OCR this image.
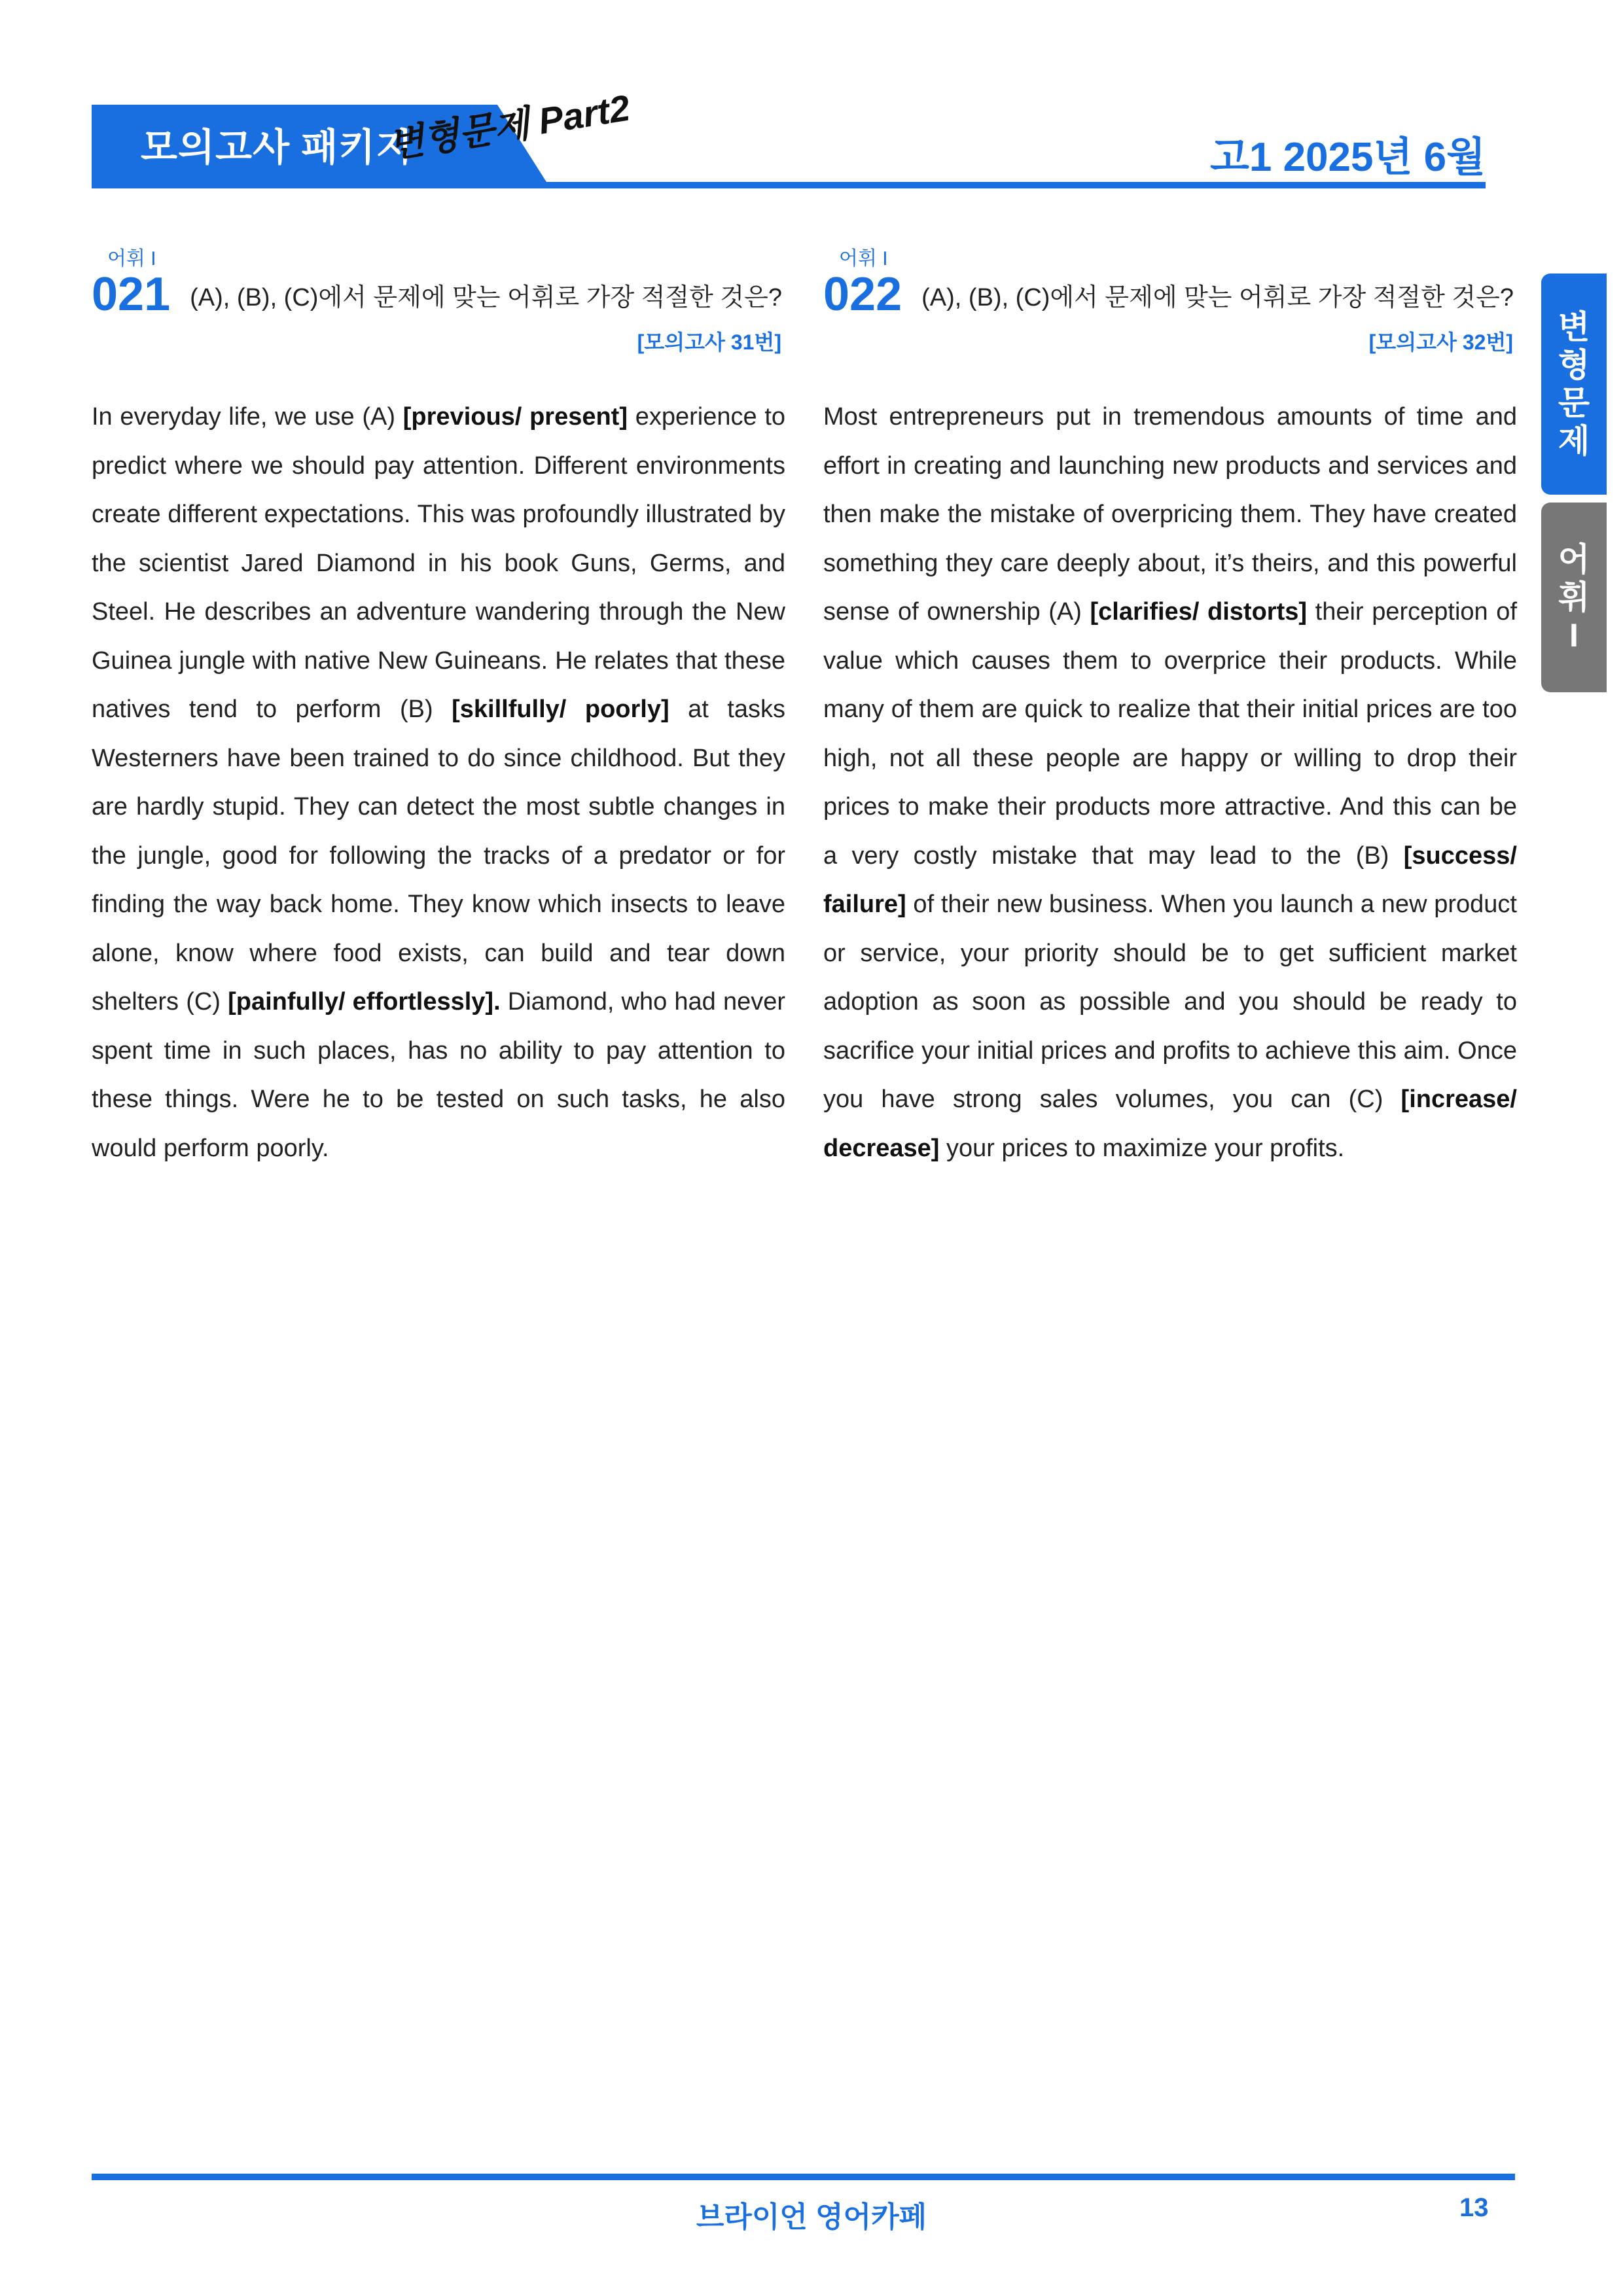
모의고사 패키지
변형문제 Part2	고1 2025년 6월
변
형
문
제
어
휘
I
어휘 I
021 (A), (B), (C)에서 문제에 맞는 어휘로 가장 적절한 것은?
[모의고사 31번]
In everyday life, we use (A) [previous/ present] experience to predict where we should pay attention. Different environments create different expectations. This was profoundly illustrated by the scientist Jared Diamond in his book Guns, Germs, and Steel. He describes an adventure wandering through the New Guinea jungle with native New Guineans. He relates that these natives tend to perform (B) [skillfully/ poorly] at tasks Westerners have been trained to do since childhood. But they are hardly stupid. They can detect the most subtle changes in the jungle, good for following the tracks of a predator or for finding the way back home. They know which insects to leave alone, know where food exists, can build and tear down shelters (C) [painfully/ effortlessly]. Diamond, who had never spent time in such places, has no ability to pay attention to these things. Were he to be tested on such tasks, he also would perform poorly.
어휘 I
022 (A), (B), (C)에서 문제에 맞는 어휘로 가장 적절한 것은?
[모의고사 32번]
Most entrepreneurs put in tremendous amounts of time and effort in creating and launching new products and services and then make the mistake of overpricing them. They have created something they care deeply about, it’s theirs, and this powerful sense of ownership (A) [clarifies/ distorts] their perception of value which causes them to overprice their products. While many of them are quick to realize that their initial prices are too high, not all these people are happy or willing to drop their prices to make their products more attractive. And this can be a very costly mistake that may lead to the (B) [success/ failure] of their new business. When you launch a new product or service, your priority should be to get sufficient market adoption as soon as possible and you should be ready to sacrifice your initial prices and profits to achieve this aim. Once you have strong sales volumes, you can (C) [increase/ decrease] your prices to maximize your profits.
브라이언 영어카페	13
